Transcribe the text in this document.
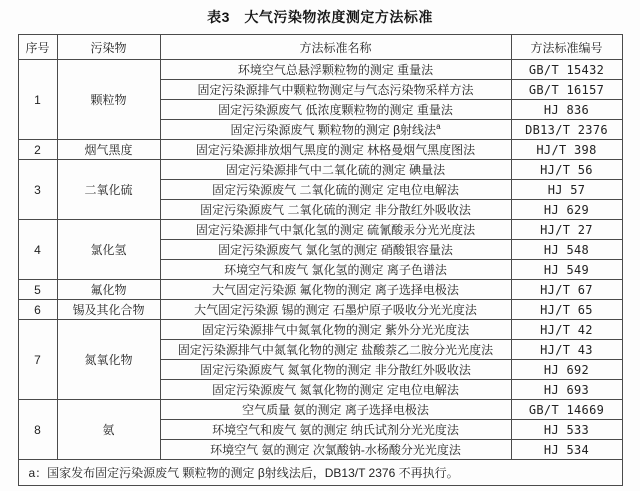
表3　大气污染物浓度测定方法标准
序号	污染物	方法标准名称	方法标准编号
1	颗粒物	环境空气总悬浮颗粒物的测定 重量法	GB/T 15432
		固定污染源排气中颗粒物测定与气态污染物采样方法	GB/T 16157
		固定污染源废气 低浓度颗粒物的测定 重量法	HJ 836
		固定污染源废气 颗粒物的测定 β射线法$^a$	DB13/T 2376
2	烟气黑度	固定污染源排放烟气黑度的测定 林格曼烟气黑度图法	HJ/T 398
3	二氧化硫	固定污染源排气中二氧化硫的测定 碘量法	HJ/T 56
		固定污染源废气 二氧化硫的测定 定电位电解法	HJ 57
		固定污染源废气 二氧化硫的测定 非分散红外吸收法	HJ 629
4	氯化氢	固定污染源排气中氯化氢的测定 硫氰酸汞分光光度法	HJ/T 27
		固定污染源废气 氯化氢的测定 硝酸银容量法	HJ 548
		环境空气和废气 氯化氢的测定 离子色谱法	HJ 549
5	氟化物	大气固定污染源 氟化物的测定 离子选择电极法	HJ/T 67
6	锡及其化合物	大气固定污染源 锡的测定 石墨炉原子吸收分光光度法	HJ/T 65
7	氮氧化物	固定污染源排气中氮氧化物的测定 紫外分光光度法	HJ/T 42
		固定污染源排气中氮氧化物的测定 盐酸萘乙二胺分光光度法	HJ/T 43
		固定污染源废气 氮氧化物的测定 非分散红外吸收法	HJ 692
		固定污染源废气 氮氧化物的测定 定电位电解法	HJ 693
8	氨	空气质量 氨的测定 离子选择电极法	GB/T 14669
		环境空气和废气 氨的测定 纳氏试剂分光光度法	HJ 533
		环境空气 氨的测定 次氯酸钠-水杨酸分光光度法	HJ 534
a：国家发布固定污染源废气 颗粒物的测定 β射线法后，DB13/T 2376 不再执行。			
